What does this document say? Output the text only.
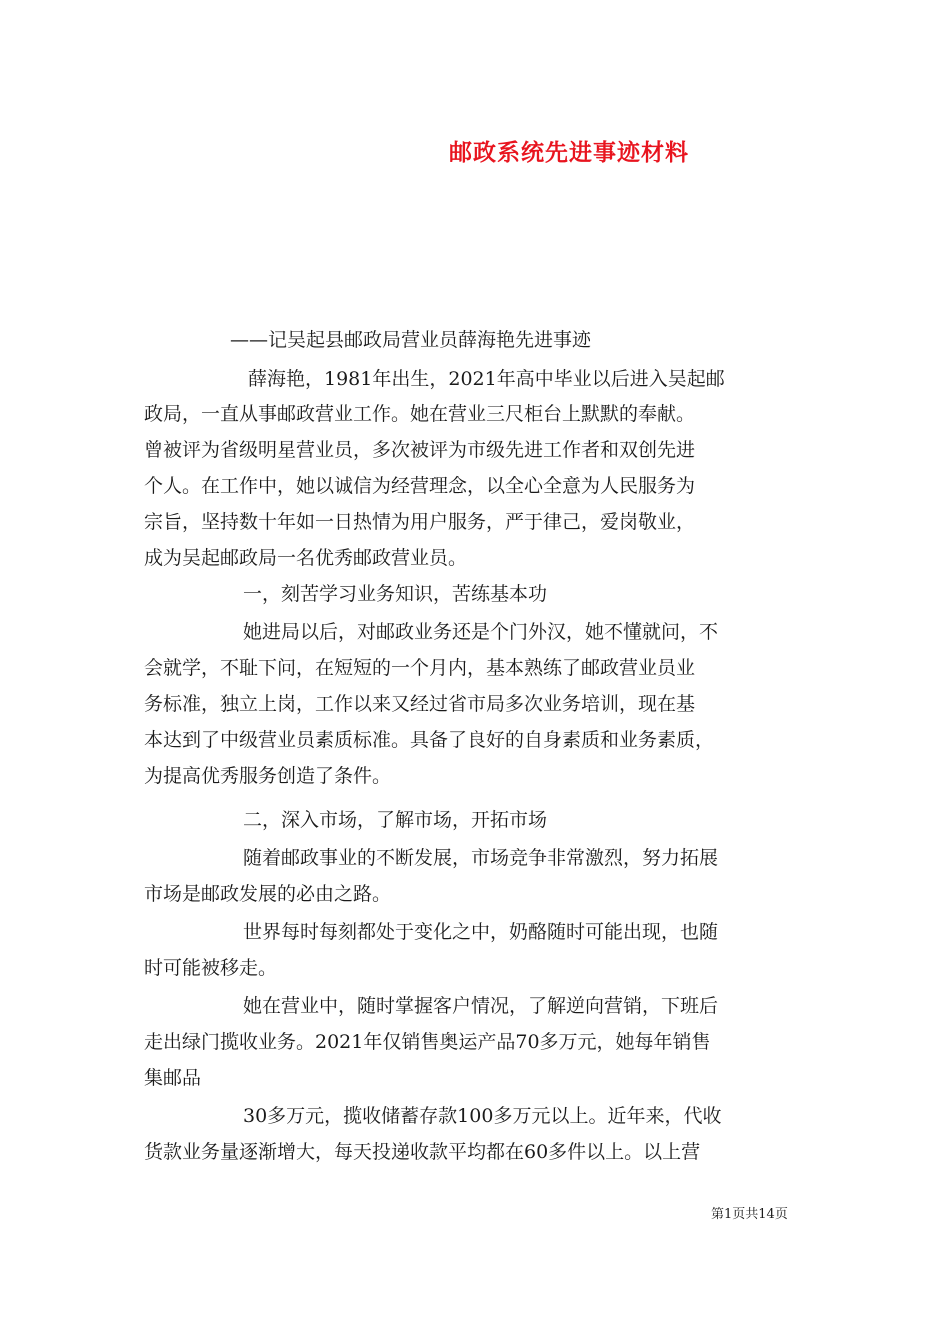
邮政系统先进事迹材料
——记吴起县邮政局营业员薛海艳先进事迹
薛海艳，1981年出生，2021年高中毕业以后进入吴起邮
政局，一直从事邮政营业工作。她在营业三尺柜台上默默的奉献。
曾被评为省级明星营业员，多次被评为市级先进工作者和双创先进
个人。在工作中，她以诚信为经营理念，以全心全意为人民服务为
宗旨，坚持数十年如一日热情为用户服务，严于律己，爱岗敬业，
成为吴起邮政局一名优秀邮政营业员。
一，刻苦学习业务知识，苦练基本功
她进局以后，对邮政业务还是个门外汉，她不懂就问，不
会就学，不耻下问，在短短的一个月内，基本熟练了邮政营业员业
务标准，独立上岗，工作以来又经过省市局多次业务培训，现在基
本达到了中级营业员素质标准。具备了良好的自身素质和业务素质，
为提高优秀服务创造了条件。
二，深入市场，了解市场，开拓市场
随着邮政事业的不断发展，市场竞争非常激烈，努力拓展
市场是邮政发展的必由之路。
世界每时每刻都处于变化之中，奶酪随时可能出现，也随
时可能被移走。
她在营业中，随时掌握客户情况，了解逆向营销，下班后
走出绿门揽收业务。2021年仅销售奥运产品70多万元，她每年销售
集邮品
30多万元，揽收储蓄存款100多万元以上。近年来，代收
货款业务量逐渐增大，每天投递收款平均都在60多件以上。以上营
第1页共14页
